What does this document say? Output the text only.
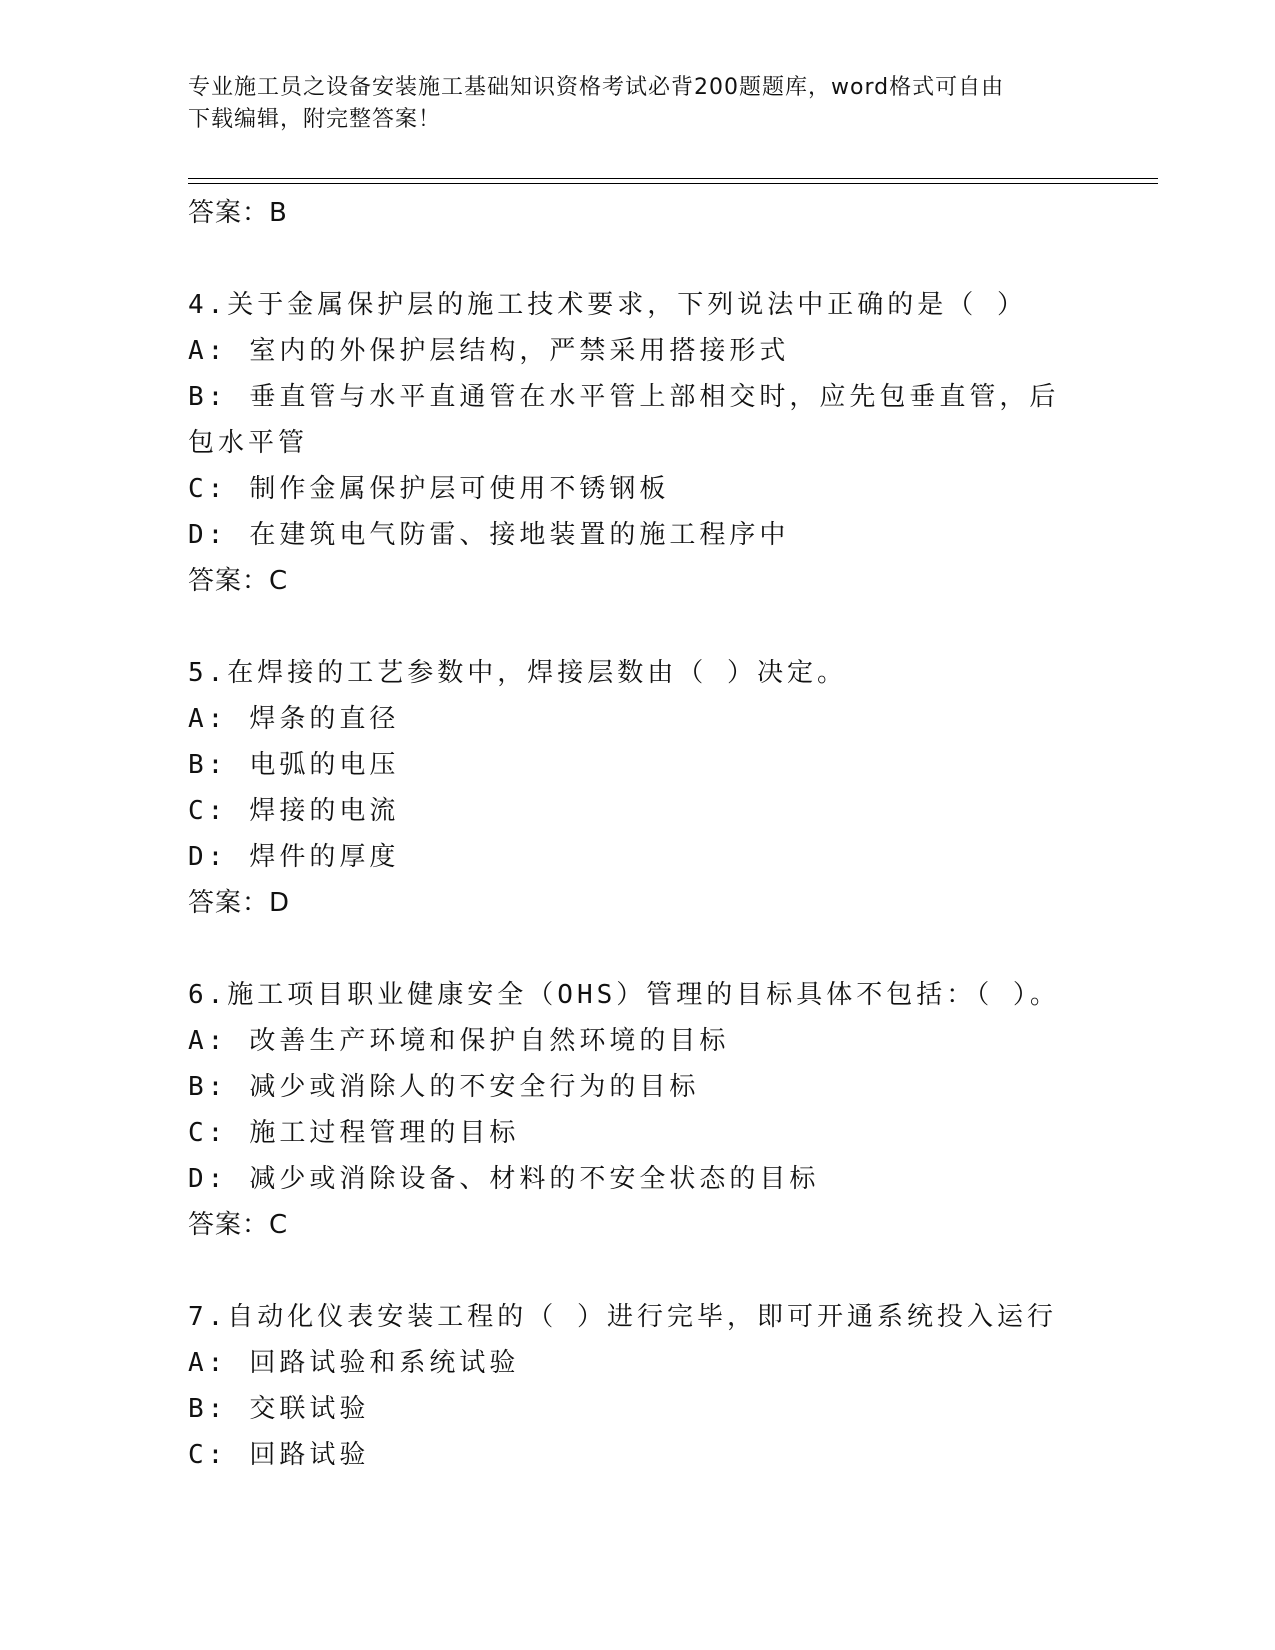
专业施工员之设备安装施工基础知识资格考试必背200题题库，word格式可自由
下载编辑，附完整答案！
答案：B
4.关于金属保护层的施工技术要求，下列说法中正确的是（ ）
A: 室内的外保护层结构，严禁采用搭接形式
B: 垂直管与水平直通管在水平管上部相交时，应先包垂直管，后包水平管
C: 制作金属保护层可使用不锈钢板
D: 在建筑电气防雷、接地装置的施工程序中
答案：C
5.在焊接的工艺参数中，焊接层数由（ ）决定。
A: 焊条的直径
B: 电弧的电压
C: 焊接的电流
D: 焊件的厚度
答案：D
6.施工项目职业健康安全（OHS）管理的目标具体不包括：（ ）。
A: 改善生产环境和保护自然环境的目标
B: 减少或消除人的不安全行为的目标
C: 施工过程管理的目标
D: 减少或消除设备、材料的不安全状态的目标
答案：C
7.自动化仪表安装工程的（ ）进行完毕，即可开通系统投入运行
A: 回路试验和系统试验
B: 交联试验
C: 回路试验
